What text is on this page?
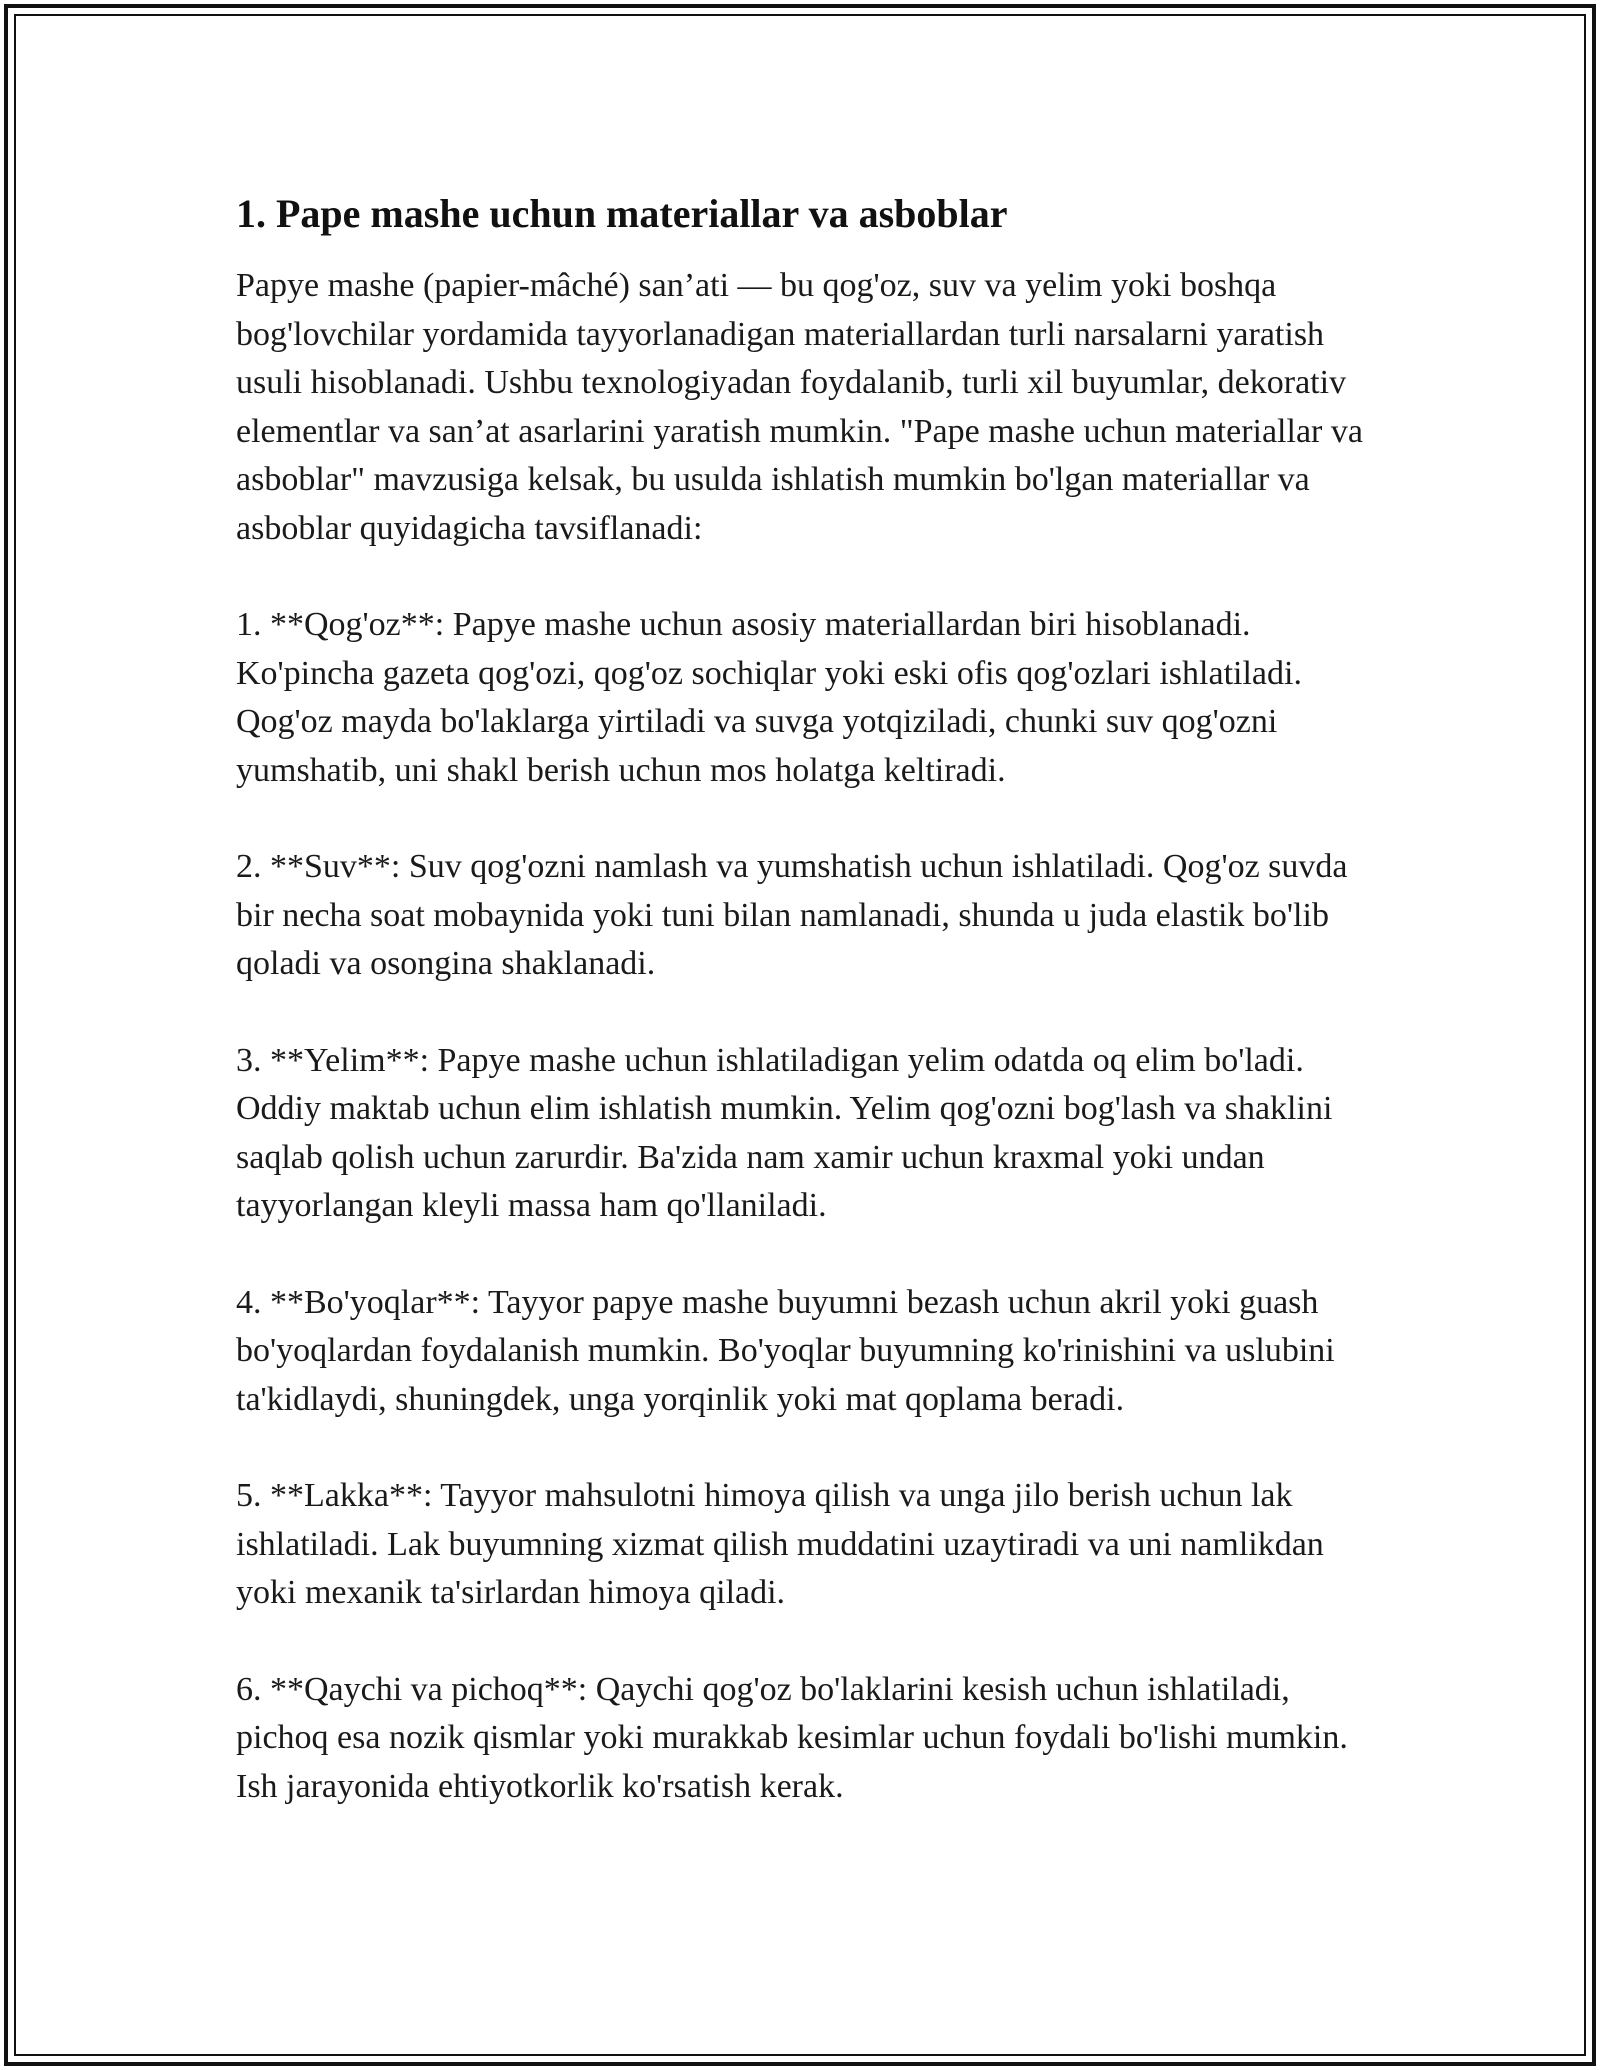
1. Pape mashe uchun materiallar va asboblar

Papye mashe (papier-mâché) san’ati — bu qog'oz, suv va yelim yoki boshqa bog'lovchilar yordamida tayyorlanadigan materiallardan turli narsalarni yaratish usuli hisoblanadi. Ushbu texnologiyadan foydalanib, turli xil buyumlar, dekorativ elementlar va san’at asarlarini yaratish mumkin. "Pape mashe uchun materiallar va asboblar" mavzusiga kelsak, bu usulda ishlatish mumkin bo'lgan materiallar va asboblar quyidagicha tavsiflanadi:

1. **Qog'oz**: Papye mashe uchun asosiy materiallardan biri hisoblanadi. Ko'pincha gazeta qog'ozi, qog'oz sochiqlar yoki eski ofis qog'ozlari ishlatiladi. Qog'oz mayda bo'laklarga yirtiladi va suvga yotqiziladi, chunki suv qog'ozni yumshatib, uni shakl berish uchun mos holatga keltiradi.

2. **Suv**: Suv qog'ozni namlash va yumshatish uchun ishlatiladi. Qog'oz suvda bir necha soat mobaynida yoki tuni bilan namlanadi, shunda u juda elastik bo'lib qoladi va osongina shaklanadi.

3. **Yelim**: Papye mashe uchun ishlatiladigan yelim odatda oq elim bo'ladi. Oddiy maktab uchun elim ishlatish mumkin. Yelim qog'ozni bog'lash va shaklini saqlab qolish uchun zarurdir. Ba'zida nam xamir uchun kraxmal yoki undan tayyorlangan kleyli massa ham qo'llaniladi.

4. **Bo'yoqlar**: Tayyor papye mashe buyumni bezash uchun akril yoki guash bo'yoqlardan foydalanish mumkin. Bo'yoqlar buyumning ko'rinishini va uslubini ta'kidlaydi, shuningdek, unga yorqinlik yoki mat qoplama beradi.

5. **Lakka**: Tayyor mahsulotni himoya qilish va unga jilo berish uchun lak ishlatiladi. Lak buyumning xizmat qilish muddatini uzaytiradi va uni namlikdan yoki mexanik ta'sirlardan himoya qiladi.

6. **Qaychi va pichoq**: Qaychi qog'oz bo'laklarini kesish uchun ishlatiladi, pichoq esa nozik qismlar yoki murakkab kesimlar uchun foydali bo'lishi mumkin. Ish jarayonida ehtiyotkorlik ko'rsatish kerak.
